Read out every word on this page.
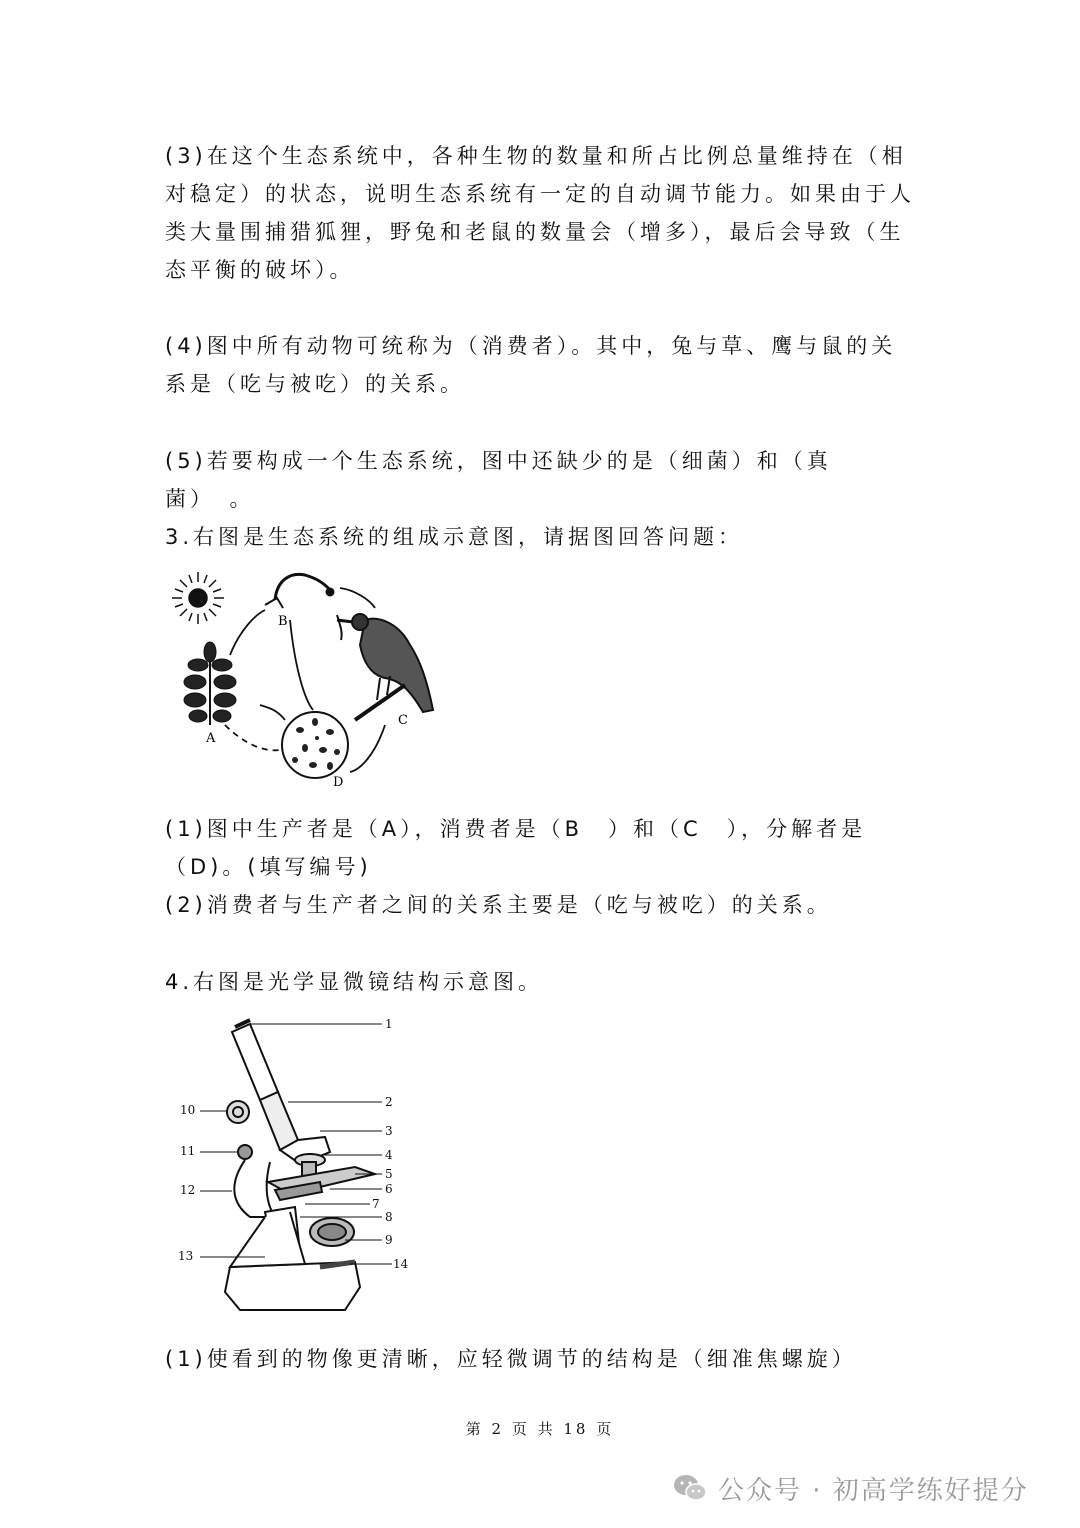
(3)在这个生态系统中，各种生物的数量和所占比例总量维持在（相对稳定）的状态，说明生态系统有一定的自动调节能力。如果由于人类大量围捕猎狐狸，野兔和老鼠的数量会（增多），最后会导致（生态平衡的破坏）。

(4)图中所有动物可统称为（消费者）。其中，兔与草、鹰与鼠的关系是（吃与被吃）的关系。

(5)若要构成一个生态系统，图中还缺少的是（细菌）和（真菌）　。

3.右图是生态系统的组成示意图，请据图回答问题：

A
B
C
D

(1)图中生产者是（A），消费者是（B　）和（C　），分解者是（D)。(填写编号)

(2)消费者与生产者之间的关系主要是（吃与被吃）的关系。

4.右图是光学显微镜结构示意图。

1
2
3
4
5
6
7
8
9
10
11
12
13
14

(1)使看到的物像更清晰，应轻微调节的结构是（细准焦螺旋）

第 2 页 共 18 页
公众号 · 初高学练好提分
